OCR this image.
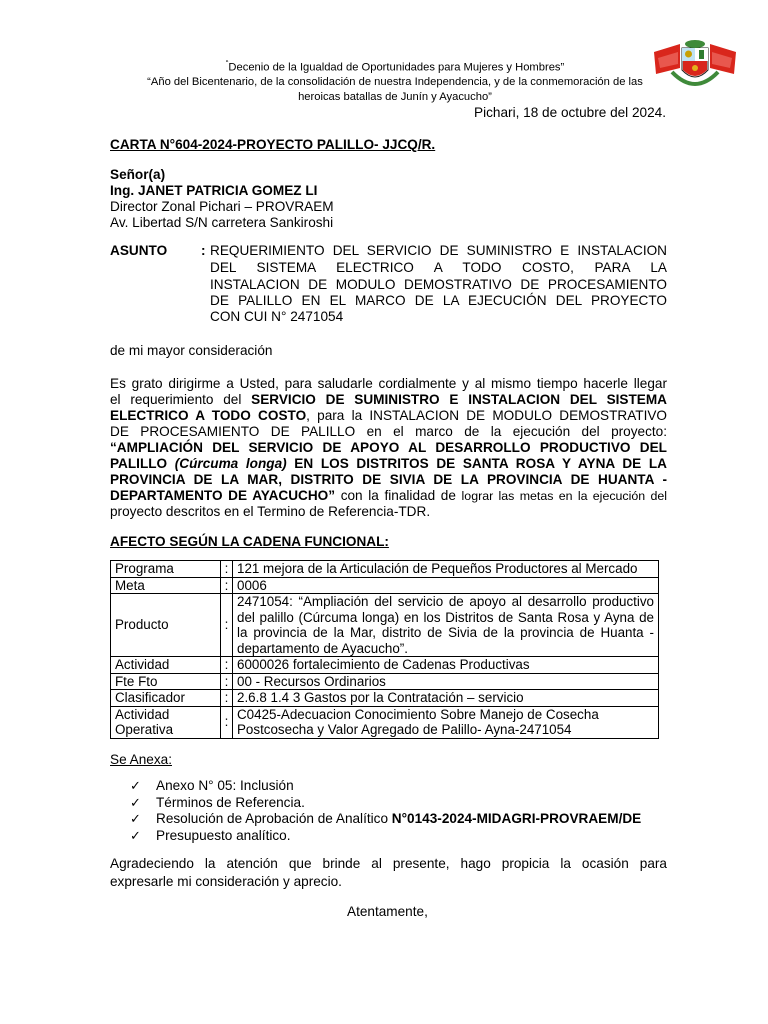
“Decenio de la Igualdad de Oportunidades para Mujeres y Hombres”
“Año del Bicentenario, de la consolidación de nuestra Independencia, y de la conmemoración de las
heroicas batallas de Junín y Ayacucho”
Pichari, 18 de octubre del 2024.
CARTA N°604-2024-PROYECTO PALILLO- JJCQ/R.
Señor(a)
Ing. JANET PATRICIA GOMEZ LI
Director Zonal Pichari – PROVRAEM
Av. Libertad S/N carretera Sankiroshi
ASUNTO : REQUERIMIENTO DEL SERVICIO DE SUMINISTRO E INSTALACION
DEL SISTEMA ELECTRICO A TODO COSTO, PARA LA
INSTALACION DE MODULO DEMOSTRATIVO DE PROCESAMIENTO
DE PALILLO EN EL MARCO DE LA EJECUCIÓN DEL PROYECTO
CON CUI N° 2471054
de mi mayor consideración
Es grato dirigirme a Usted, para saludarle cordialmente y al mismo tiempo hacerle llegar
el requerimiento del SERVICIO DE SUMINISTRO E INSTALACION DEL SISTEMA
ELECTRICO A TODO COSTO, para la INSTALACION DE MODULO DEMOSTRATIVO
DE PROCESAMIENTO DE PALILLO en el marco de la ejecución del proyecto:
“AMPLIACIÓN DEL SERVICIO DE APOYO AL DESARROLLO PRODUCTIVO DEL
PALILLO (Cúrcuma longa) EN LOS DISTRITOS DE SANTA ROSA Y AYNA DE LA
PROVINCIA DE LA MAR, DISTRITO DE SIVIA DE LA PROVINCIA DE HUANTA -
DEPARTAMENTO DE AYACUCHO” con la finalidad de lograr las metas en la ejecución del
proyecto descritos en el Termino de Referencia-TDR.
AFECTO SEGÚN LA CADENA FUNCIONAL:
Programa	:	121 mejora de la Articulación de Pequeños Productores al Mercado
Meta	:	0006
Producto	:	2471054: “Ampliación del servicio de apoyo al desarrollo productivo del palillo (Cúrcuma longa) en los Distritos de Santa Rosa y Ayna de la provincia de la Mar, distrito de Sivia de la provincia de Huanta - departamento de Ayacucho”.
Actividad	:	6000026 fortalecimiento de Cadenas Productivas
Fte Fto	:	00 - Recursos Ordinarios
Clasificador	:	2.6.8 1.4 3 Gastos por la Contratación – servicio
Actividad Operativa	:	C0425-Adecuacion Conocimiento Sobre Manejo de Cosecha Postcosecha y Valor Agregado de Palillo- Ayna-2471054
Se Anexa:
✓ Anexo N° 05: Inclusión
✓ Términos de Referencia.
✓ Resolución de Aprobación de Analítico N°0143-2024-MIDAGRI-PROVRAEM/DE
✓ Presupuesto analítico.
Agradeciendo la atención que brinde al presente, hago propicia la ocasión para
expresarle mi consideración y aprecio.
Atentamente,
